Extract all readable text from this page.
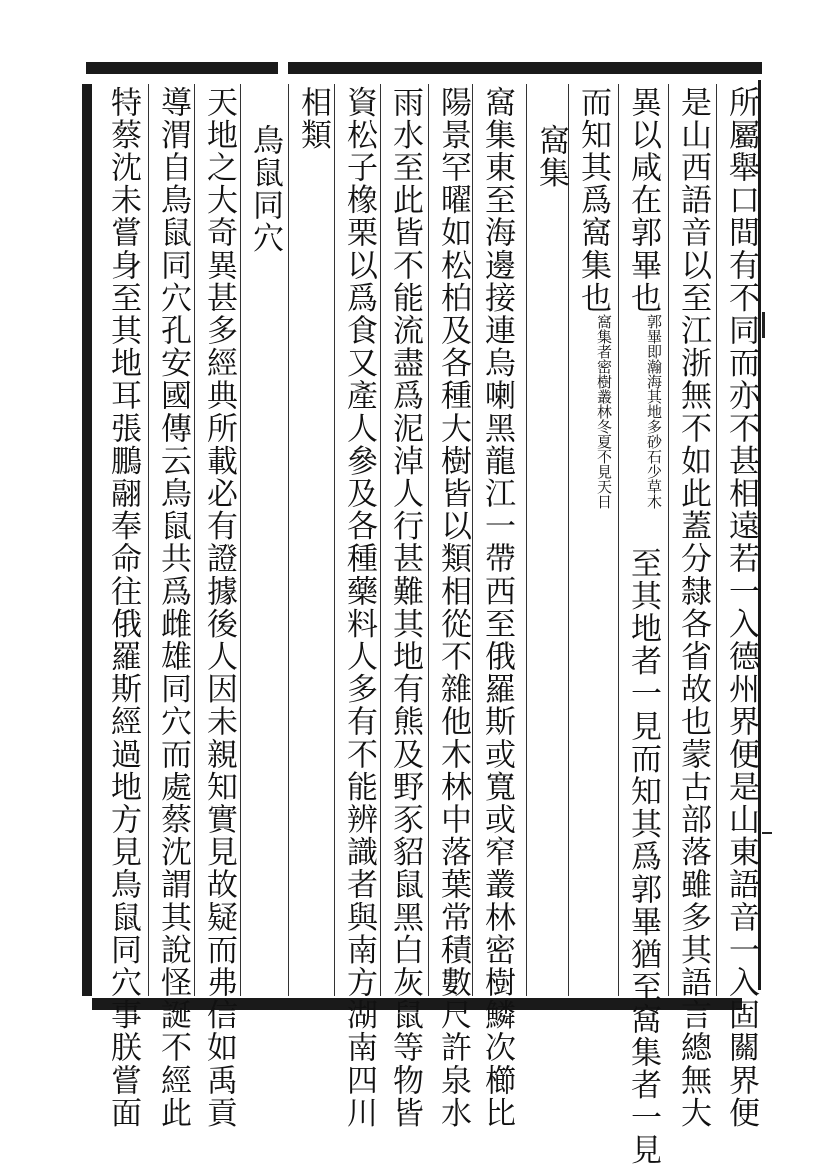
所屬舉口間有不同而亦不甚相遠若一入德州界便是山東語音一入固關界便
是山西語音以至江浙無不如此蓋分隸各省故也蒙古部落雖多其語言總無大
異以咸在郭畢也郭畢即瀚海其地多砂石少草木至其地者一見而知其爲郭畢猶至窩集者一見
而知其爲窩集也窩集者密樹叢林冬夏不見天日
窩集
窩集東至海邊接連烏喇黑龍江一帶西至俄羅斯或寬或窄叢林密樹鱗次櫛比
陽景罕曜如松柏及各種大樹皆以類相從不雜他木林中落葉常積數尺許泉水
雨水至此皆不能流盡爲泥淖人行甚難其地有熊及野豕貂鼠黑白灰鼠等物皆
資松子橡栗以爲食又產人參及各種藥料人多有不能辨識者與南方湖南四川
相類
鳥鼠同穴
天地之大奇異甚多經典所載必有證據後人因未親知實見故疑而弗信如禹貢
導渭自鳥鼠同穴孔安國傳云鳥鼠共爲雌雄同穴而處蔡沈謂其說怪誕不經此
特蔡沈未嘗身至其地耳張鵬翮奉命往俄羅斯經過地方見鳥鼠同穴事朕嘗面
